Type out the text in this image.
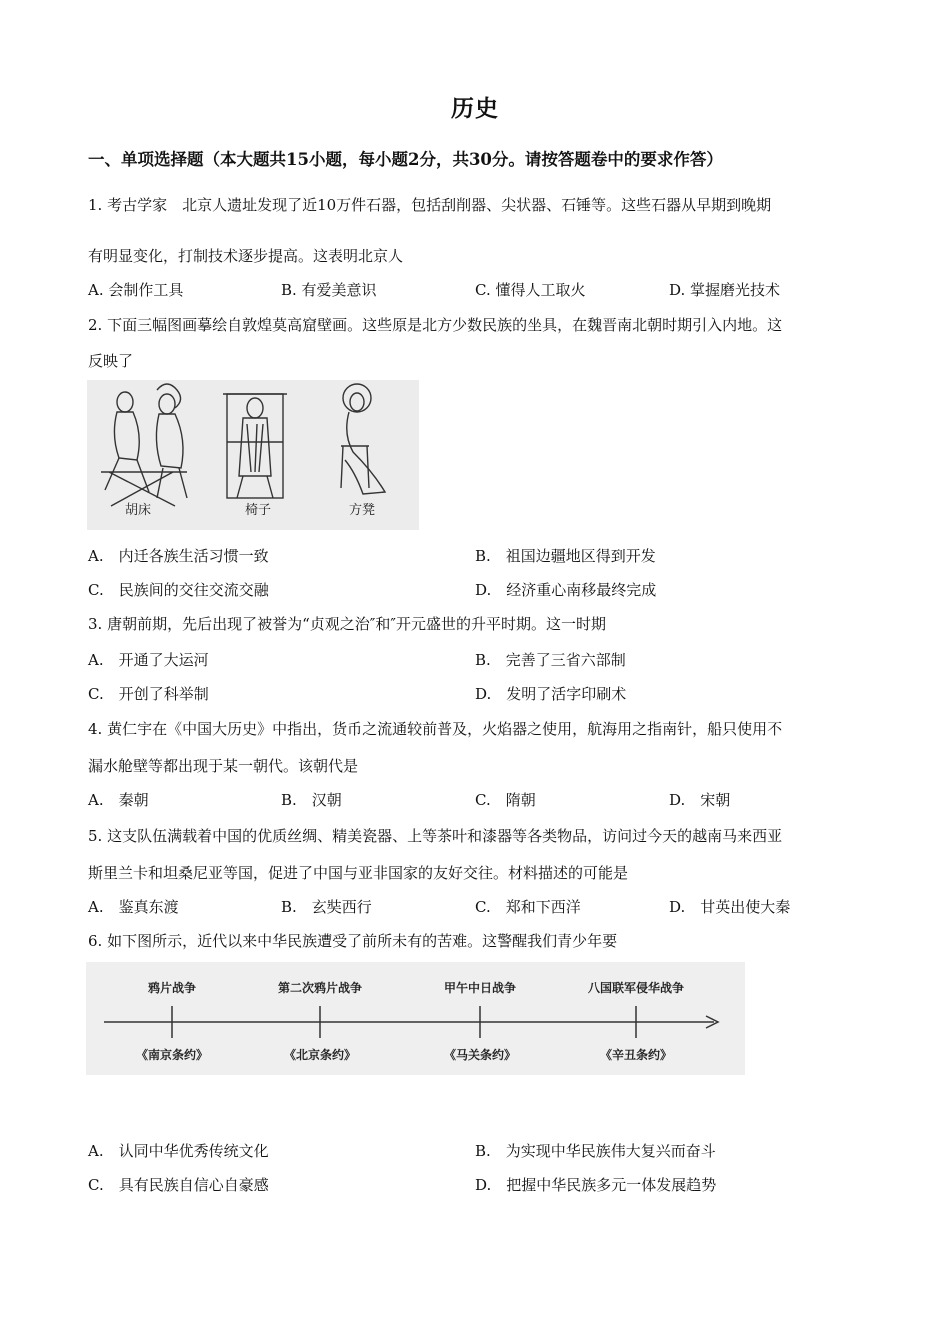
历史
一、单项选择题（本大题共15小题，每小题2分，共30分。请按答题卷中的要求作答）
1. 考古学家　北京人遗址发现了近10万件石器，包括刮削器、尖状器、石锤等。这些石器从早期到晚期
有明显变化，打制技术逐步提高。这表明北京人
A. 会制作工具	B. 有爱美意识	C. 懂得人工取火	D. 掌握磨光技术
2. 下面三幅图画摹绘自敦煌莫高窟壁画。这些原是北方少数民族的坐具，在魏晋南北朝时期引入内地。这
反映了
胡床	椅子	方凳
A.　内迁各族生活习惯一致	B.　祖国边疆地区得到开发
C.　民族间的交往交流交融	D.　经济重心南移最终完成
3. 唐朝前期，先后出现了被誉为“贞观之治″和″开元盛世的升平时期。这一时期
A.　开通了大运河	B.　完善了三省六部制
C.　开创了科举制	D.　发明了活字印刷术
4. 黄仁宇在《中国大历史》中指出，货币之流通较前普及，火焰器之使用，航海用之指南针，船只使用不
漏水舱壁等都出现于某一朝代。该朝代是
A.　秦朝	B.　汉朝	C.　隋朝	D.　宋朝
5. 这支队伍满载着中国的优质丝绸、精美瓷器、上等茶叶和漆器等各类物品，访问过今天的越南马来西亚
斯里兰卡和坦桑尼亚等国，促进了中国与亚非国家的友好交往。材料描述的可能是
A.　鉴真东渡	B.　玄奘西行	C.　郑和下西洋	D.　甘英出使大秦
6. 如下图所示，近代以来中华民族遭受了前所未有的苦难。这警醒我们青少年要
鸦片战争	第二次鸦片战争	甲午中日战争	八国联军侵华战争
《南京条约》	《北京条约》	《马关条约》	《辛丑条约》
A.　认同中华优秀传统文化	B.　为实现中华民族伟大复兴而奋斗
C.　具有民族自信心自豪感	D.　把握中华民族多元一体发展趋势
